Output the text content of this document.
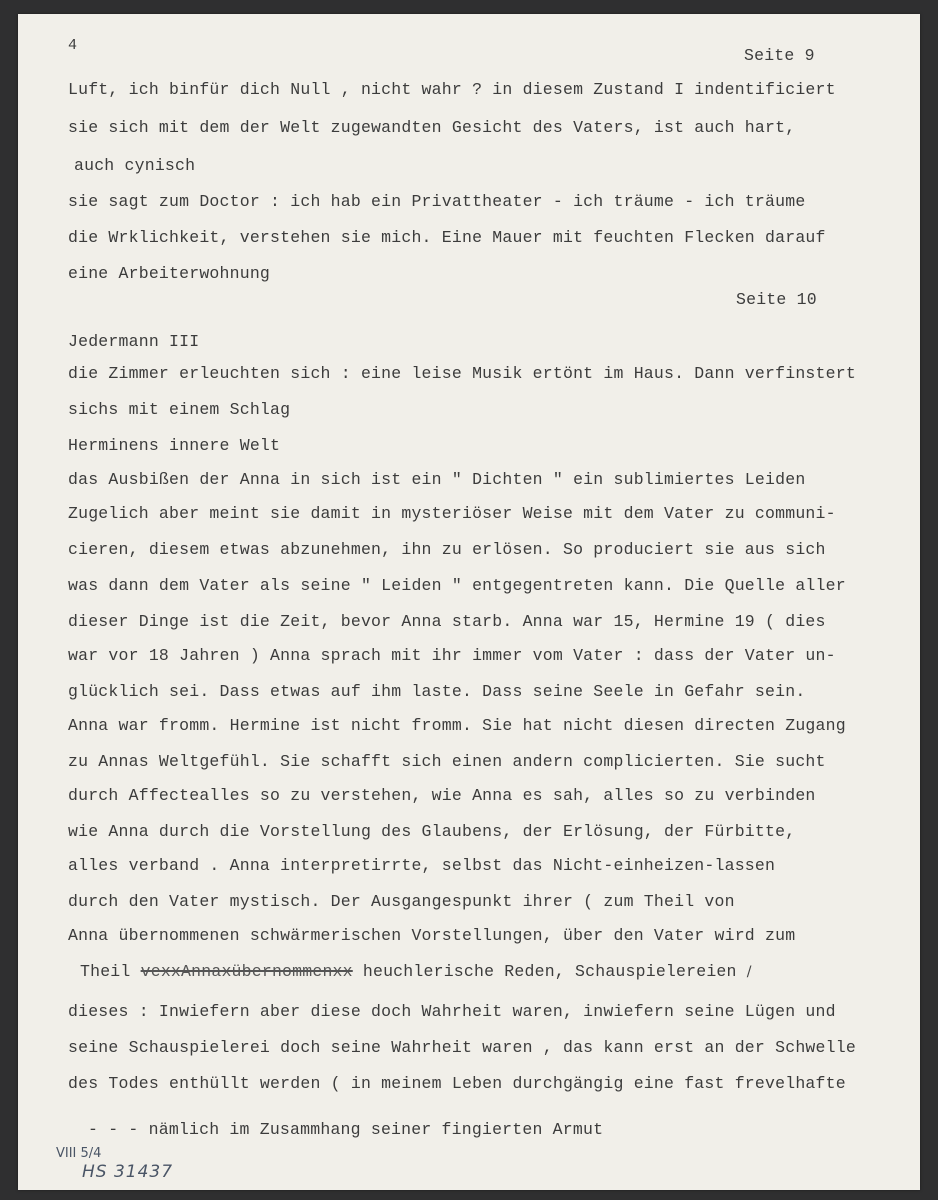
4
Seite 9
Luft, ich binfür dich Null , nicht wahr ? in diesem Zustand I indentificiert
sie sich mit dem der Welt zugewandten Gesicht des Vaters, ist auch hart,
auch cynisch
sie sagt zum Doctor : ich hab ein Privattheater - ich träume - ich träume
die Wrklichkeit, verstehen sie mich. Eine Mauer mit feuchten Flecken darauf
eine Arbeiterwohnung
Seite 10
Jedermann III
die Zimmer erleuchten sich : eine leise Musik ertönt im Haus. Dann verfinstert
sichs mit einem Schlag
Herminens innere Welt
das Ausbißen der Anna in sich ist ein " Dichten " ein sublimiertes Leiden
Zugelich aber meint sie damit in mysteriöser Weise mit dem Vater zu communi-
cieren, diesem etwas abzunehmen, ihn zu erlösen. So produciert sie aus sich
was dann dem Vater als seine " Leiden " entgegentreten kann. Die Quelle aller
dieser Dinge ist die Zeit, bevor Anna starb. Anna war 15, Hermine 19 ( dies
war vor 18 Jahren ) Anna sprach mit ihr immer vom Vater : dass der Vater un-
glücklich sei. Dass etwas auf ihm laste. Dass seine Seele in Gefahr sein.
Anna war fromm. Hermine ist nicht fromm. Sie hat nicht diesen directen Zugang
zu Annas Weltgefühl. Sie schafft sich einen andern complicierten. Sie sucht
durch Affectealles so zu verstehen, wie Anna es sah, alles so zu verbinden
wie Anna durch die Vorstellung des Glaubens, der Erlösung, der Fürbitte,
alles verband . Anna interpretirrte, selbst das Nicht-einheizen-lassen
durch den Vater mystisch. Der Ausgangespunkt ihrer ( zum Theil von
Anna übernommenen schwärmerischen Vorstellungen, über den Vater wird zum
Theil vexxAnnaxübernommenxx heuchlerische Reden, Schauspielereien /
dieses : Inwiefern aber diese doch Wahrheit waren, inwiefern seine Lügen und
seine Schauspielerei doch seine Wahrheit waren , das kann erst an der Schwelle
des Todes enthüllt werden ( in meinem Leben durchgängig eine fast frevelhafte
- - - nämlich im Zusammhang seiner fingierten Armut
VIII 5/4
HS 31437
